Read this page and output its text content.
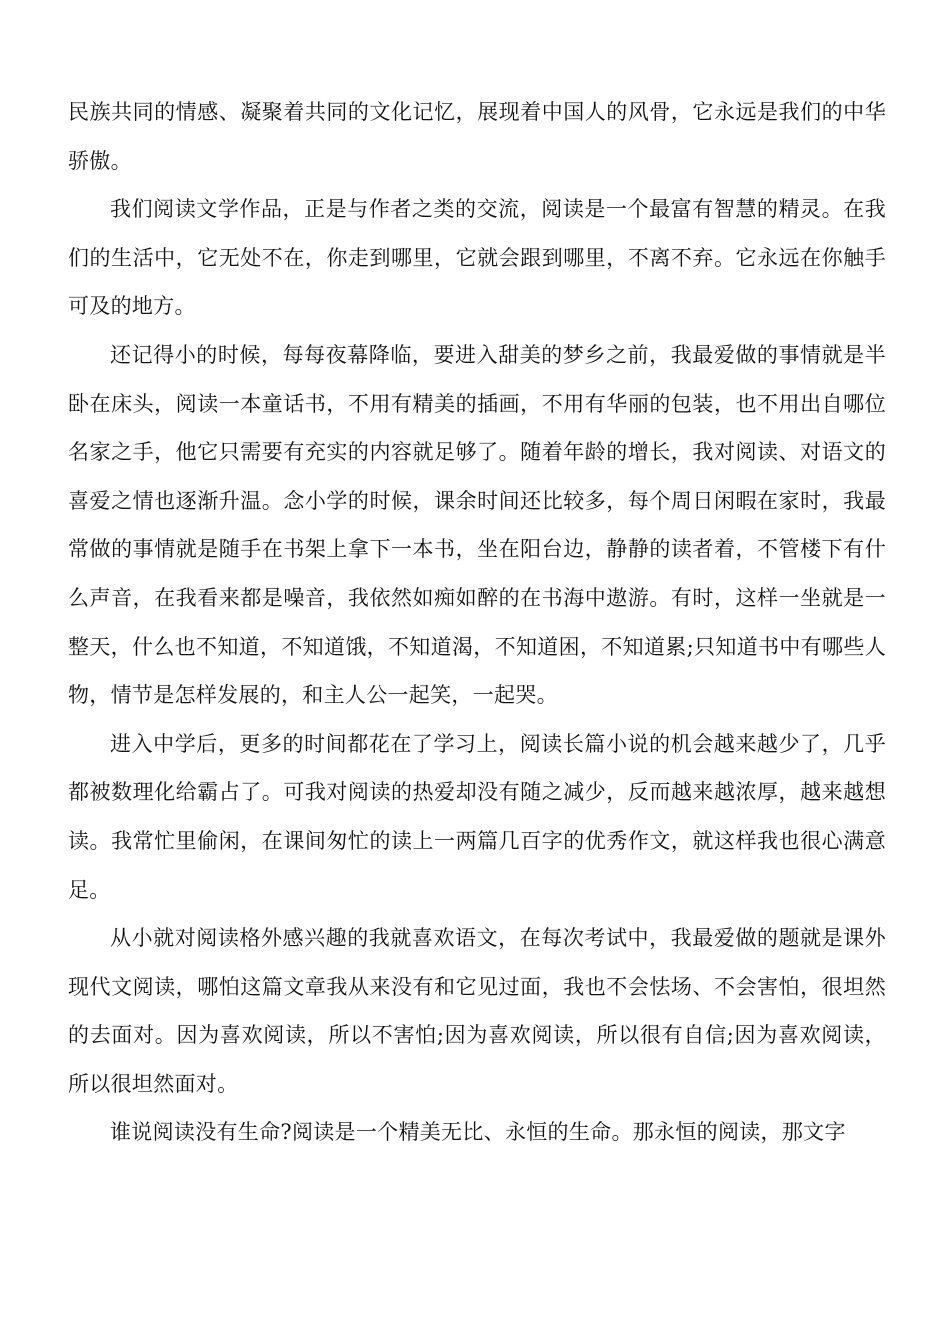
民族共同的情感、凝聚着共同的文化记忆，展现着中国人的风骨，它永远是我们的中华骄傲。

我们阅读文学作品，正是与作者之类的交流，阅读是一个最富有智慧的精灵。在我们的生活中，它无处不在，你走到哪里，它就会跟到哪里，不离不弃。它永远在你触手可及的地方。

还记得小的时候，每每夜幕降临，要进入甜美的梦乡之前，我最爱做的事情就是半卧在床头，阅读一本童话书，不用有精美的插画，不用有华丽的包装，也不用出自哪位名家之手，他它只需要有充实的内容就足够了。随着年龄的增长，我对阅读、对语文的喜爱之情也逐渐升温。念小学的时候，课余时间还比较多，每个周日闲暇在家时，我最常做的事情就是随手在书架上拿下一本书，坐在阳台边，静静的读者着，不管楼下有什么声音，在我看来都是噪音，我依然如痴如醉的在书海中遨游。有时，这样一坐就是一整天，什么也不知道，不知道饿，不知道渴，不知道困，不知道累;只知道书中有哪些人物，情节是怎样发展的，和主人公一起笑，一起哭。

进入中学后，更多的时间都花在了学习上，阅读长篇小说的机会越来越少了，几乎都被数理化给霸占了。可我对阅读的热爱却没有随之减少，反而越来越浓厚，越来越想读。我常忙里偷闲，在课间匆忙的读上一两篇几百字的优秀作文，就这样我也很心满意足。

从小就对阅读格外感兴趣的我就喜欢语文，在每次考试中，我最爱做的题就是课外现代文阅读，哪怕这篇文章我从来没有和它见过面，我也不会怯场、不会害怕，很坦然的去面对。因为喜欢阅读，所以不害怕;因为喜欢阅读，所以很有自信;因为喜欢阅读，所以很坦然面对。

谁说阅读没有生命?阅读是一个精美无比、永恒的生命。那永恒的阅读，那文字
